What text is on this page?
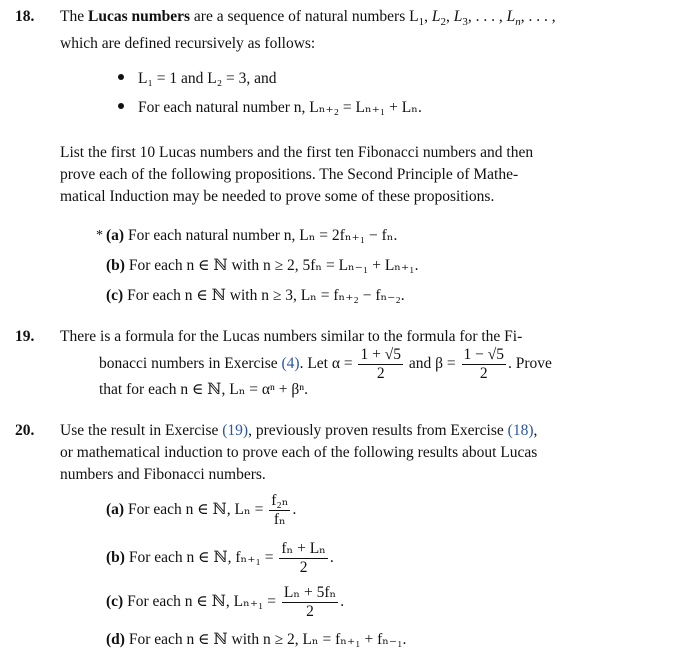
18. The Lucas numbers are a sequence of natural numbers $L_1$, $L_2$, $L_3$, . . . , $L_n$, . . . ,
which are defined recursively as follows:
L₁ = 1 and L₂ = 3, and
For each natural number n, Lₙ₊₂ = Lₙ₊₁ + Lₙ.
List the first 10 Lucas numbers and the first ten Fibonacci numbers and then
prove each of the following propositions. The Second Principle of Mathe-
matical Induction may be needed to prove some of these propositions.
* (a) For each natural number n, Lₙ = 2fₙ₊₁ − fₙ.
(b) For each n ∈ ℕ with n ≥ 2, 5fₙ = Lₙ₋₁ + Lₙ₊₁.
(c) For each n ∈ ℕ with n ≥ 3, Lₙ = fₙ₊₂ − fₙ₋₂.
19. There is a formula for the Lucas numbers similar to the formula for the Fi-
bonacci numbers in Exercise (4). Let $\alpha = \frac{1 + √5}{2}$ and $\beta = \frac{1 - √5}{2}$ . Prove
that for each n ∈ ℕ, Lₙ = αⁿ + βⁿ.
20. Use the result in Exercise (19), previously proven results from Exercise (18),
or mathematical induction to prove each of the following results about Lucas
numbers and Fibonacci numbers.
(a) For each n ∈ ℕ, $L_n = \frac{\text{f₂ₙ}}{\text{fₙ}}$ .
(b) For each n ∈ ℕ, $f_{n+1} = \frac{\text{fₙ + Lₙ}}{2}$ .
(c) For each n ∈ ℕ, $L_{n+1} = \frac{\text{Lₙ + 5fₙ}}{2}$ .
(d) For each n ∈ ℕ with n ≥ 2, Lₙ = fₙ₊₁ + fₙ₋₁.
